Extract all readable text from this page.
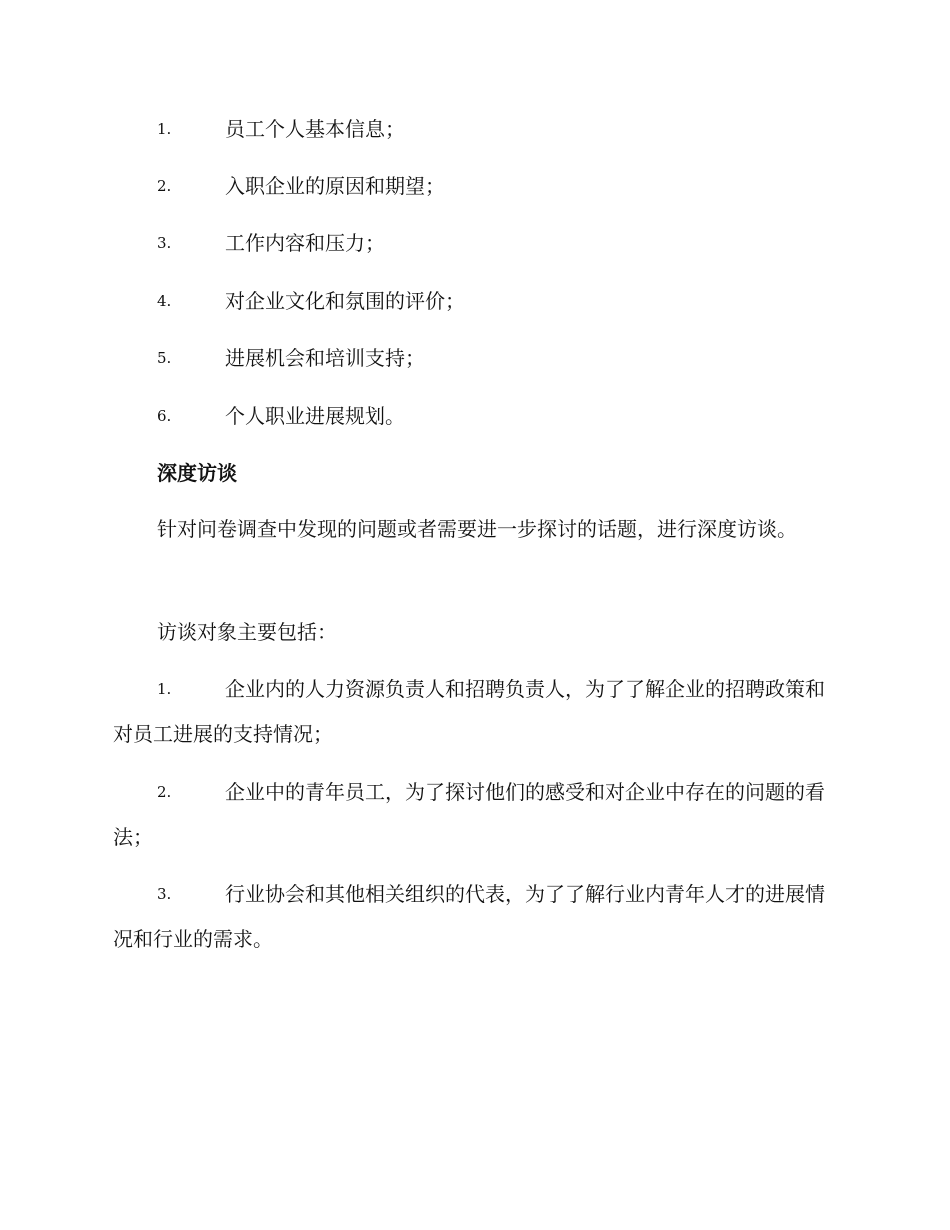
1.	员工个人基本信息；
2.	入职企业的原因和期望；
3.	工作内容和压力；
4.	对企业文化和氛围的评价；
5.	进展机会和培训支持；
6.	个人职业进展规划。
深度访谈

针对问卷调查中发现的问题或者需要进一步探讨的话题，进行深度访谈。

访谈对象主要包括：

1.	企业内的人力资源负责人和招聘负责人，为了了解企业的招聘政策和对员工进展的支持情况；

2.	企业中的青年员工，为了探讨他们的感受和对企业中存在的问题的看法；

3.	行业协会和其他相关组织的代表，为了了解行业内青年人才的进展情况和行业的需求。
